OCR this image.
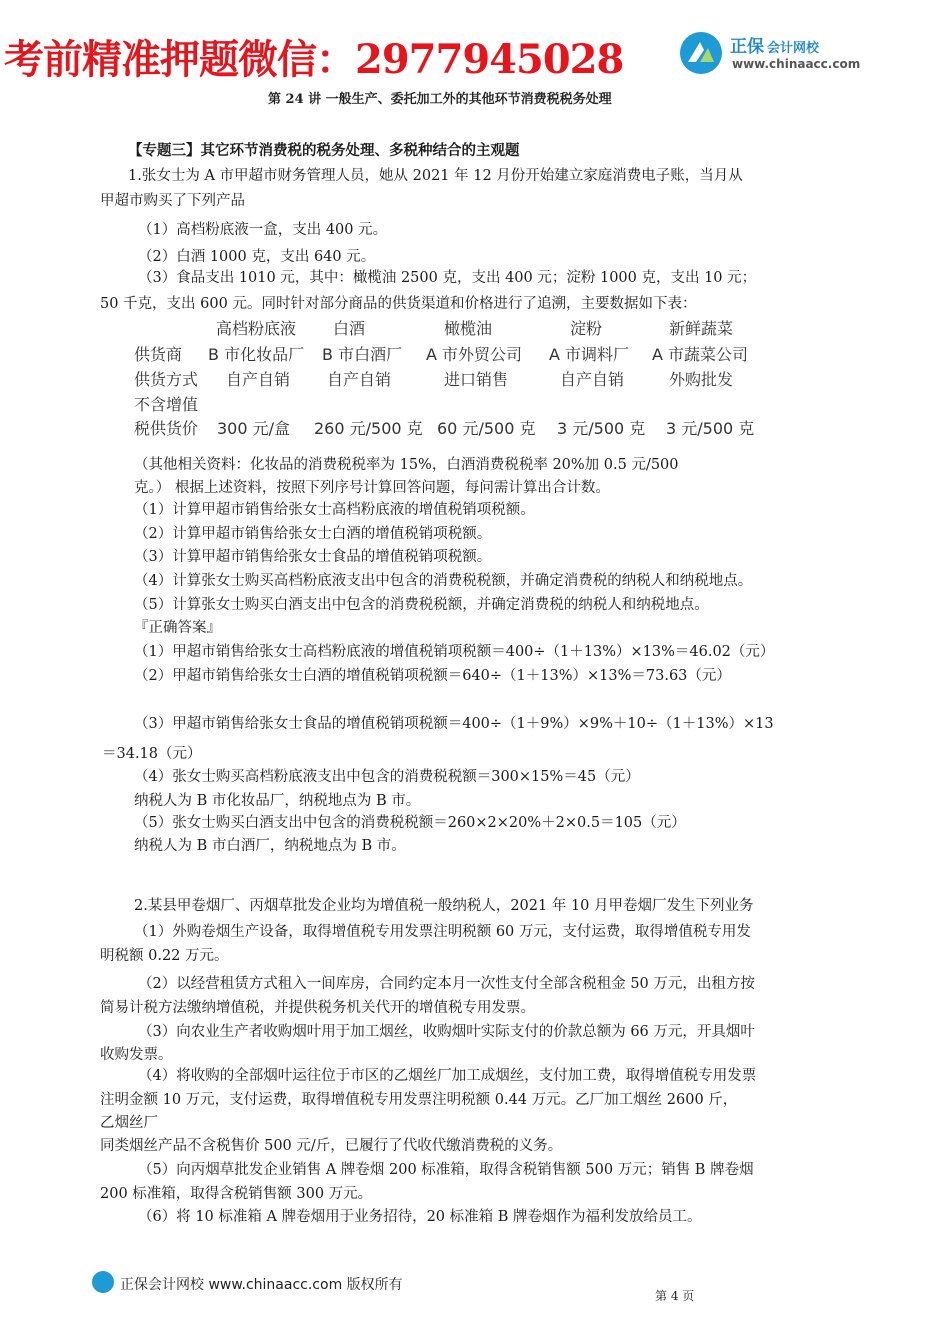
考前精准押题微信：2977945028	正保 会计网校
www.chinaacc.com
第 24 讲 一般生产、委托加工外的其他环节消费税税务处理
【专题三】其它环节消费税的税务处理、多税种结合的主观题
1.张女士为 A 市甲超市财务管理人员，她从 2021 年 12 月份开始建立家庭消费电子账，当月从
甲超市购买了下列产品
（1）高档粉底液一盒，支出 400 元。
（2）白酒 1000 克，支出 640 元。
（3）食品支出 1010 元，其中：橄榄油 2500 克，支出 400 元；淀粉 1000 克，支出 10 元；
50 千克，支出 600 元。同时针对部分商品的供货渠道和价格进行了追溯，主要数据如下表：
高档粉底液 白酒	橄榄油	淀粉	新鲜蔬菜
供货商 B 市化妆品厂 B 市白酒厂 A 市外贸公司 A 市调料厂 A 市蔬菜公司
供货方式 自产自销 自产自销	进口销售	自产自销	外购批发
不含增值
税供货价 300 元/盒 260 元/500 克 60 元/500 克 3 元/500 克 3 元/500 克
（其他相关资料：化妆品的消费税税率为 15%，白酒消费税税率 20%加 0.5 元/500
克。） 根据上述资料，按照下列序号计算回答问题，每问需计算出合计数。
（1）计算甲超市销售给张女士高档粉底液的增值税销项税额。
（2）计算甲超市销售给张女士白酒的增值税销项税额。
（3）计算甲超市销售给张女士食品的增值税销项税额。
（4）计算张女士购买高档粉底液支出中包含的消费税税额，并确定消费税的纳税人和纳税地点。
（5）计算张女士购买白酒支出中包含的消费税税额，并确定消费税的纳税人和纳税地点。
『正确答案』
（1）甲超市销售给张女士高档粉底液的增值税销项税额＝400÷（1＋13%）×13%＝46.02（元）
（2）甲超市销售给张女士白酒的增值税销项税额＝640÷（1＋13%）×13%＝73.63（元）
（3）甲超市销售给张女士食品的增值税销项税额＝400÷（1＋9%）×9%＋10÷（1＋13%）×13
＝34.18（元）
（4）张女士购买高档粉底液支出中包含的消费税税额＝300×15%＝45（元）
纳税人为 B 市化妆品厂，纳税地点为 B 市。
（5）张女士购买白酒支出中包含的消费税税额＝260×2×20%＋2×0.5＝105（元）
纳税人为 B 市白酒厂，纳税地点为 B 市。
2.某县甲卷烟厂、丙烟草批发企业均为增值税一般纳税人，2021 年 10 月甲卷烟厂发生下列业务
（1）外购卷烟生产设备，取得增值税专用发票注明税额 60 万元，支付运费，取得增值税专用发
明税额 0.22 万元。
（2）以经营租赁方式租入一间库房，合同约定本月一次性支付全部含税租金 50 万元，出租方按
简易计税方法缴纳增值税，并提供税务机关代开的增值税专用发票。
（3）向农业生产者收购烟叶用于加工烟丝，收购烟叶实际支付的价款总额为 66 万元，开具烟叶
收购发票。
（4）将收购的全部烟叶运往位于市区的乙烟丝厂加工成烟丝，支付加工费，取得增值税专用发票
注明金额 10 万元，支付运费，取得增值税专用发票注明税额 0.44 万元。乙厂加工烟丝 2600 斤，
乙烟丝厂
同类烟丝产品不含税售价 500 元/斤，已履行了代收代缴消费税的义务。
（5）向丙烟草批发企业销售 A 牌卷烟 200 标准箱，取得含税销售额 500 万元；销售 B 牌卷烟
200 标准箱，取得含税销售额 300 万元。
（6）将 10 标准箱 A 牌卷烟用于业务招待，20 标准箱 B 牌卷烟作为福利发放给员工。
正保会计网校 www.chinaacc.com 版权所有
第 4 页
